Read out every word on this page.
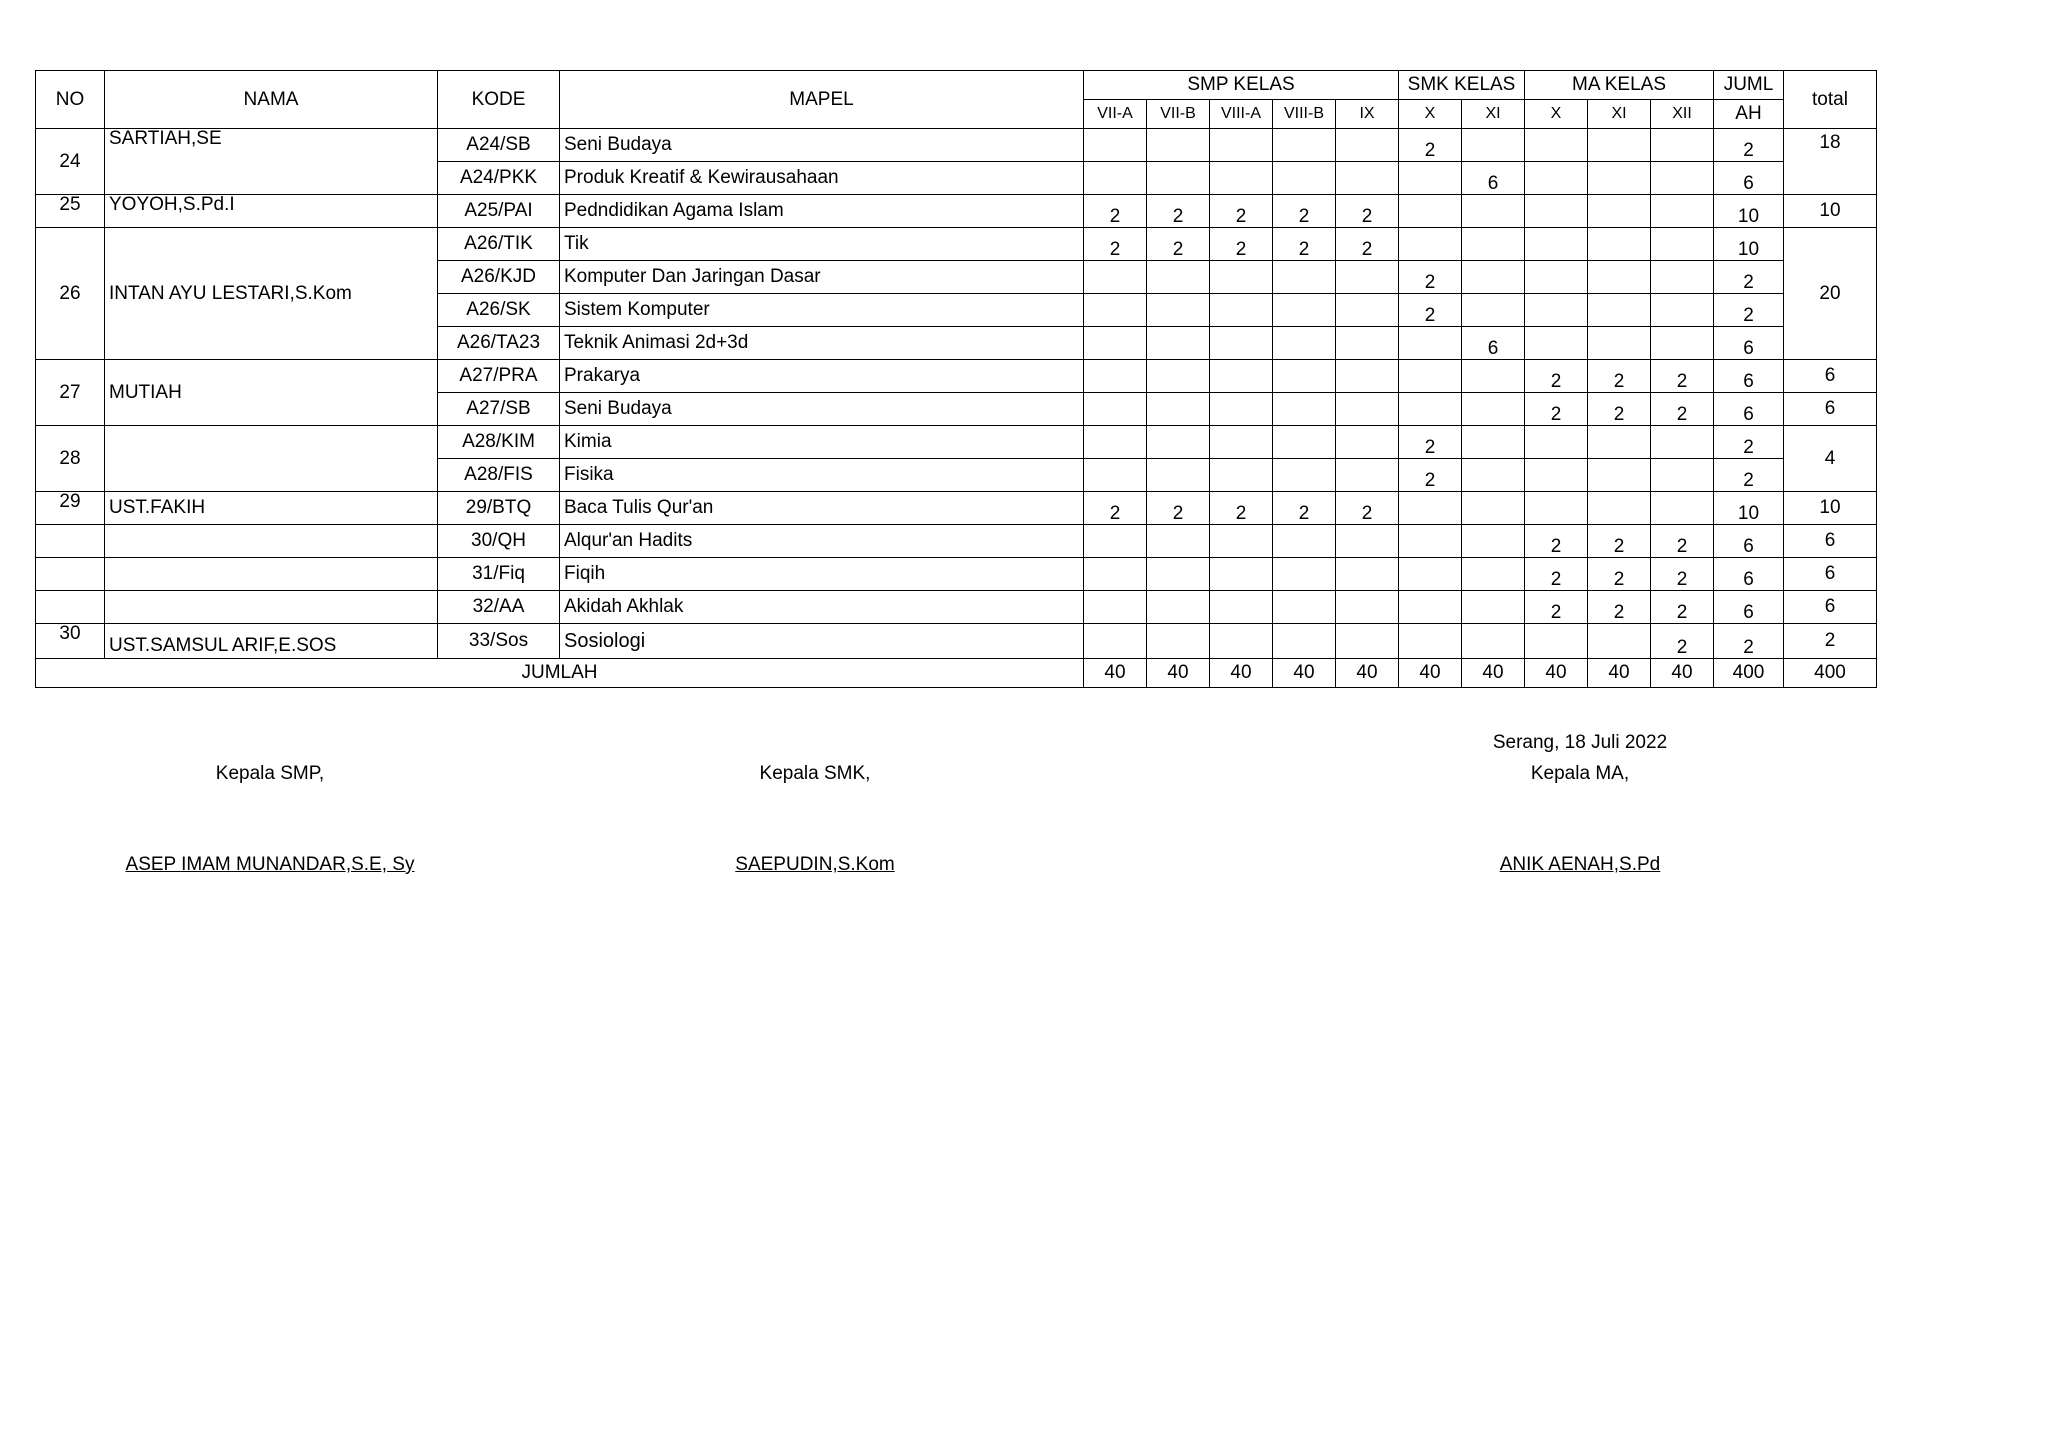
NO	NAMA	KODE	MAPEL	SMP KELAS					SMK KELAS		MA KELAS			JUML	total
				VII-A	VII-B	VIII-A	VIII-B	IX	X	XI	X	XI	XII	AH	
24	SARTIAH,SE	A24/SB	Seni Budaya						2					2	18
		A24/PKK	Produk Kreatif & Kewirausahaan							6				6	
25	YOYOH,S.Pd.I	A25/PAI	Pedndidikan Agama Islam	2	2	2	2	2						10	10
26	INTAN AYU LESTARI,S.Kom	A26/TIK	Tik	2	2	2	2	2						10	20
		A26/KJD	Komputer Dan Jaringan Dasar						2					2	
		A26/SK	Sistem Komputer						2					2	
		A26/TA23	Teknik Animasi 2d+3d							6				6	
27	MUTIAH	A27/PRA	Prakarya								2	2	2	6	6
		A27/SB	Seni Budaya								2	2	2	6	6
28		A28/KIM	Kimia						2					2	4
		A28/FIS	Fisika						2					2	
29	UST.FAKIH	29/BTQ	Baca Tulis Qur'an	2	2	2	2	2						10	10
		30/QH	Alqur'an Hadits								2	2	2	6	6
		31/Fiq	Fiqih								2	2	2	6	6
		32/AA	Akidah Akhlak								2	2	2	6	6
30	UST.SAMSUL ARIF,E.SOS	33/Sos	Sosiologi										2	2	2
JUMLAH				40	40	40	40	40	40	40	40	40	40	400	400
Serang, 18 Juli 2022
Kepala SMP,
ASEP IMAM MUNANDAR,S.E, Sy
Kepala SMK,
SAEPUDIN,S.Kom
Kepala MA,
ANIK AENAH,S.Pd
